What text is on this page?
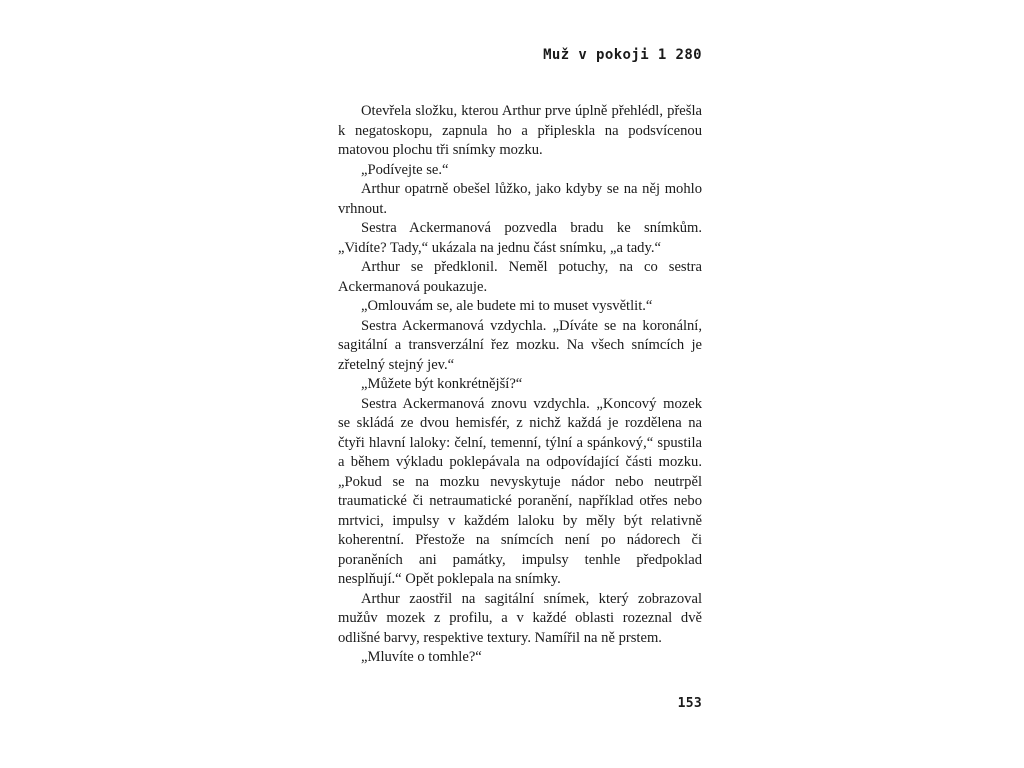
Muž v pokoji 1 280

Otevřela složku, kterou Arthur prve úplně přehlédl, přešla k negatoskopu, zapnula ho a připleskla na podsvícenou matovou plochu tři snímky mozku.

„Podívejte se.“

Arthur opatrně obešel lůžko, jako kdyby se na něj mohlo vrhnout.

Sestra Ackermanová pozvedla bradu ke snímkům. „Vidíte? Tady,“ ukázala na jednu část snímku, „a tady.“

Arthur se předklonil. Neměl potuchy, na co sestra Ackermanová poukazuje.

„Omlouvám se, ale budete mi to muset vysvětlit.“

Sestra Ackermanová vzdychla. „Díváte se na koronální, sagitální a transverzální řez mozku. Na všech snímcích je zřetelný stejný jev.“

„Můžete být konkrétnější?“

Sestra Ackermanová znovu vzdychla. „Koncový mozek se skládá ze dvou hemisfér, z nichž každá je rozdělena na čtyři hlavní laloky: čelní, temenní, týlní a spánkový,“ spustila a během výkladu poklepávala na odpovídající části mozku. „Pokud se na mozku nevyskytuje nádor nebo neutrpěl traumatické či netraumatické poranění, například otřes nebo mrtvici, impulsy v každém laloku by měly být relativně koherentní. Přestože na snímcích není po nádorech či poraněních ani památky, impulsy tenhle předpoklad nesplňují.“ Opět poklepala na snímky.

Arthur zaostřil na sagitální snímek, který zobrazoval mužův mozek z profilu, a v každé oblasti rozeznal dvě odlišné barvy, respektive textury. Namířil na ně prstem.

„Mluvíte o tomhle?“

153
